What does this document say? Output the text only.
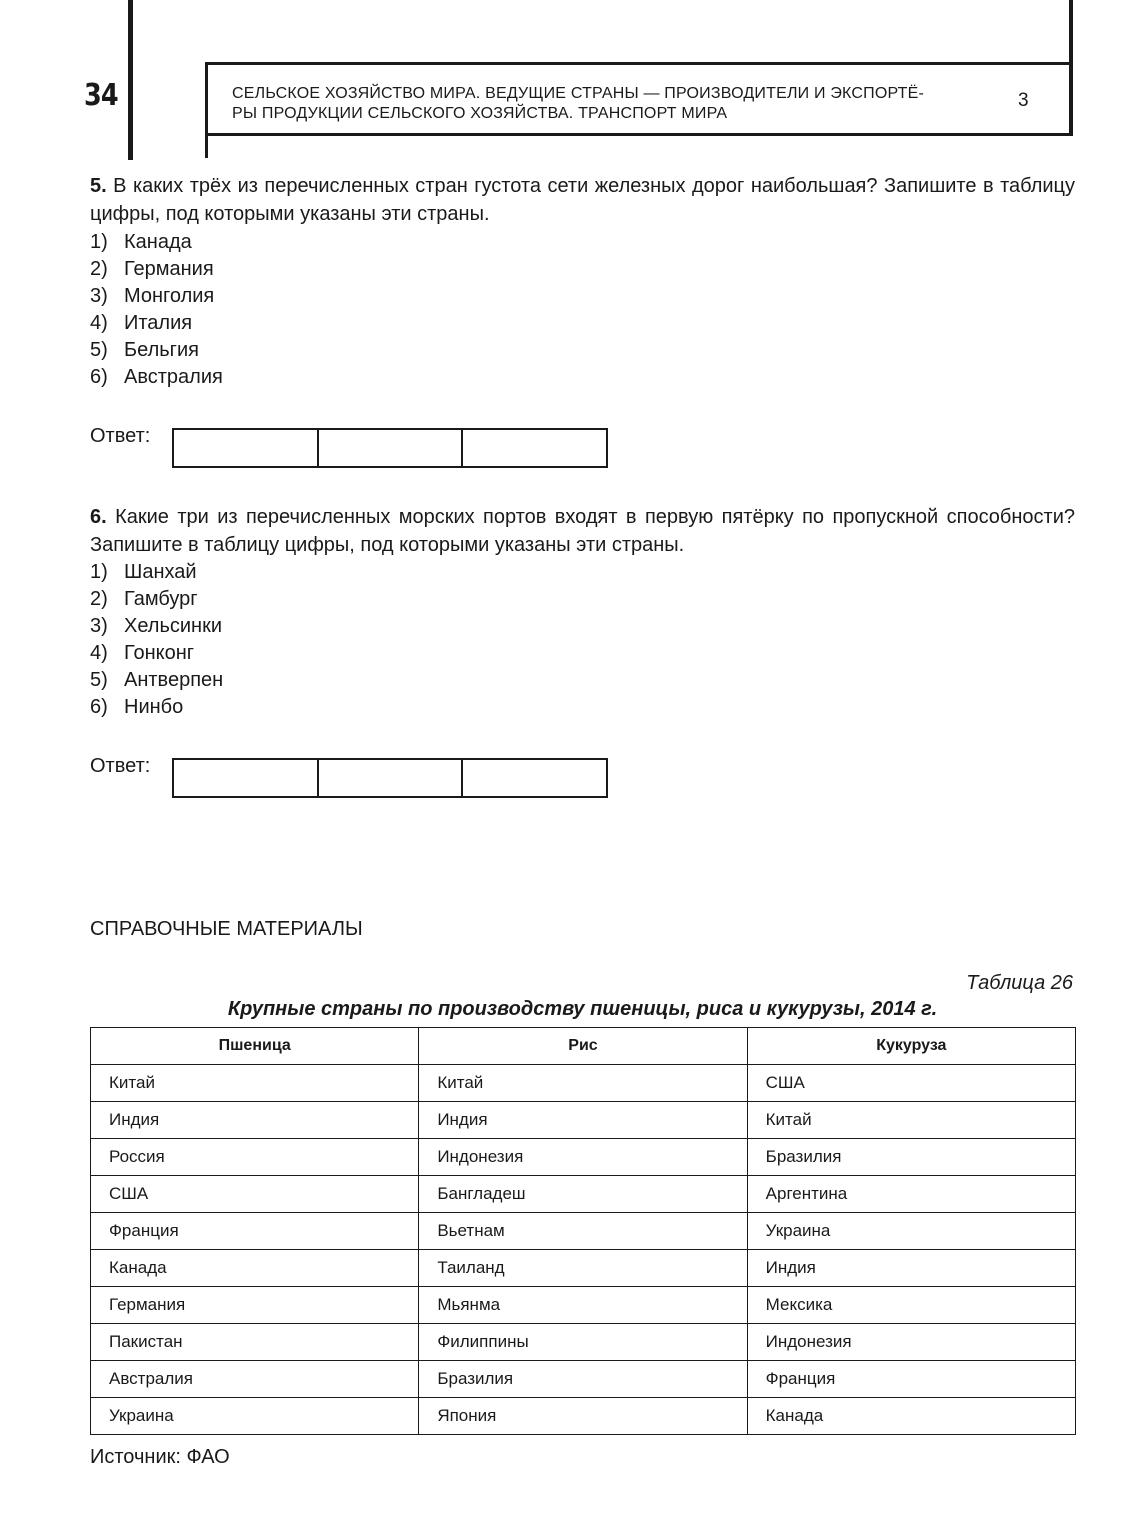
34	СЕЛЬСКОЕ ХОЗЯЙСТВО МИРА. ВЕДУЩИЕ СТРАНЫ — ПРОИЗВОДИТЕЛИ И ЭКСПОРТЁ-
РЫ ПРОДУКЦИИ СЕЛЬСКОГО ХОЗЯЙСТВА. ТРАНСПОРТ МИРА
3
5. В каких трёх из перечисленных стран густота сети железных дорог наибольшая? Запишите в таблицу цифры, под которыми указаны эти страны.
1) Канада
2) Германия
3) Монголия
4) Италия
5) Бельгия
6) Австралия
Ответ:
6. Какие три из перечисленных морских портов входят в первую пятёрку по пропускной способности? Запишите в таблицу цифры, под которыми указаны эти страны.
1) Шанхай
2) Гамбург
3) Хельсинки
4) Гонконг
5) Антверпен
6) Нинбо
Ответ:
СПРАВОЧНЫЕ МАТЕРИАЛЫ
Таблица 26
Крупные страны по производству пшеницы, риса и кукурузы, 2014 г.
Пшеница	Рис	Кукуруза
Китай	Китай	США
Индия	Индия	Китай
Россия	Индонезия	Бразилия
США	Бангладеш	Аргентина
Франция	Вьетнам	Украина
Канада	Таиланд	Индия
Германия	Мьянма	Мексика
Пакистан	Филиппины	Индонезия
Австралия	Бразилия	Франция
Украина	Япония	Канада
Источник: ФАО
